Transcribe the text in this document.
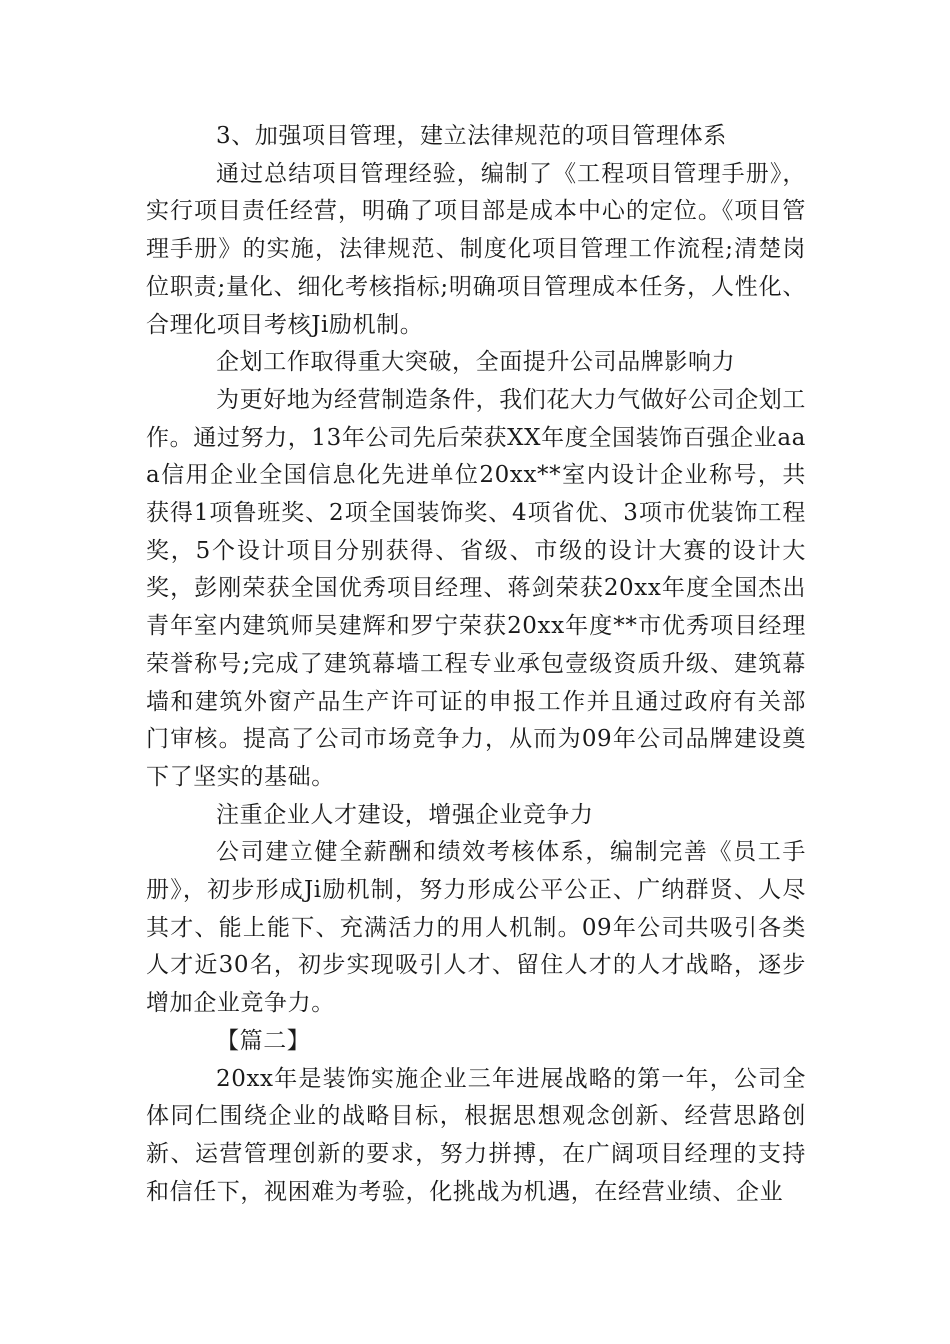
3、加强项目管理，建立法律规范的项目管理体系

通过总结项目管理经验，编制了《工程项目管理手册》，实行项目责任经营，明确了项目部是成本中心的定位。《项目管理手册》的实施，法律规范、制度化项目管理工作流程;清楚岗位职责;量化、细化考核指标;明确项目管理成本任务，人性化、合理化项目考核Ji励机制。

企划工作取得重大突破，全面提升公司品牌影响力

为更好地为经营制造条件，我们花大力气做好公司企划工作。通过努力，13年公司先后荣获XX年度全国装饰百强企业aaa信用企业全国信息化先进单位20xx**室内设计企业称号，共获得1项鲁班奖、2项全国装饰奖、4项省优、3项市优装饰工程奖，5个设计项目分别获得、省级、市级的设计大赛的设计大奖，彭刚荣获全国优秀项目经理、蒋剑荣获20xx年度全国杰出青年室内建筑师吴建辉和罗宁荣获20xx年度**市优秀项目经理荣誉称号;完成了建筑幕墙工程专业承包壹级资质升级、建筑幕墙和建筑外窗产品生产许可证的申报工作并且通过政府有关部门审核。提高了公司市场竞争力，从而为09年公司品牌建设奠下了坚实的基础。

注重企业人才建设，增强企业竞争力

公司建立健全薪酬和绩效考核体系，编制完善《员工手册》，初步形成Ji励机制，努力形成公平公正、广纳群贤、人尽其才、能上能下、充满活力的用人机制。09年公司共吸引各类人才近30名，初步实现吸引人才、留住人才的人才战略，逐步增加企业竞争力。

【篇二】

20xx年是装饰实施企业三年进展战略的第一年，公司全体同仁围绕企业的战略目标，根据思想观念创新、经营思路创新、运营管理创新的要求，努力拼搏，在广阔项目经理的支持和信任下，视困难为考验，化挑战为机遇，在经营业绩、企业
